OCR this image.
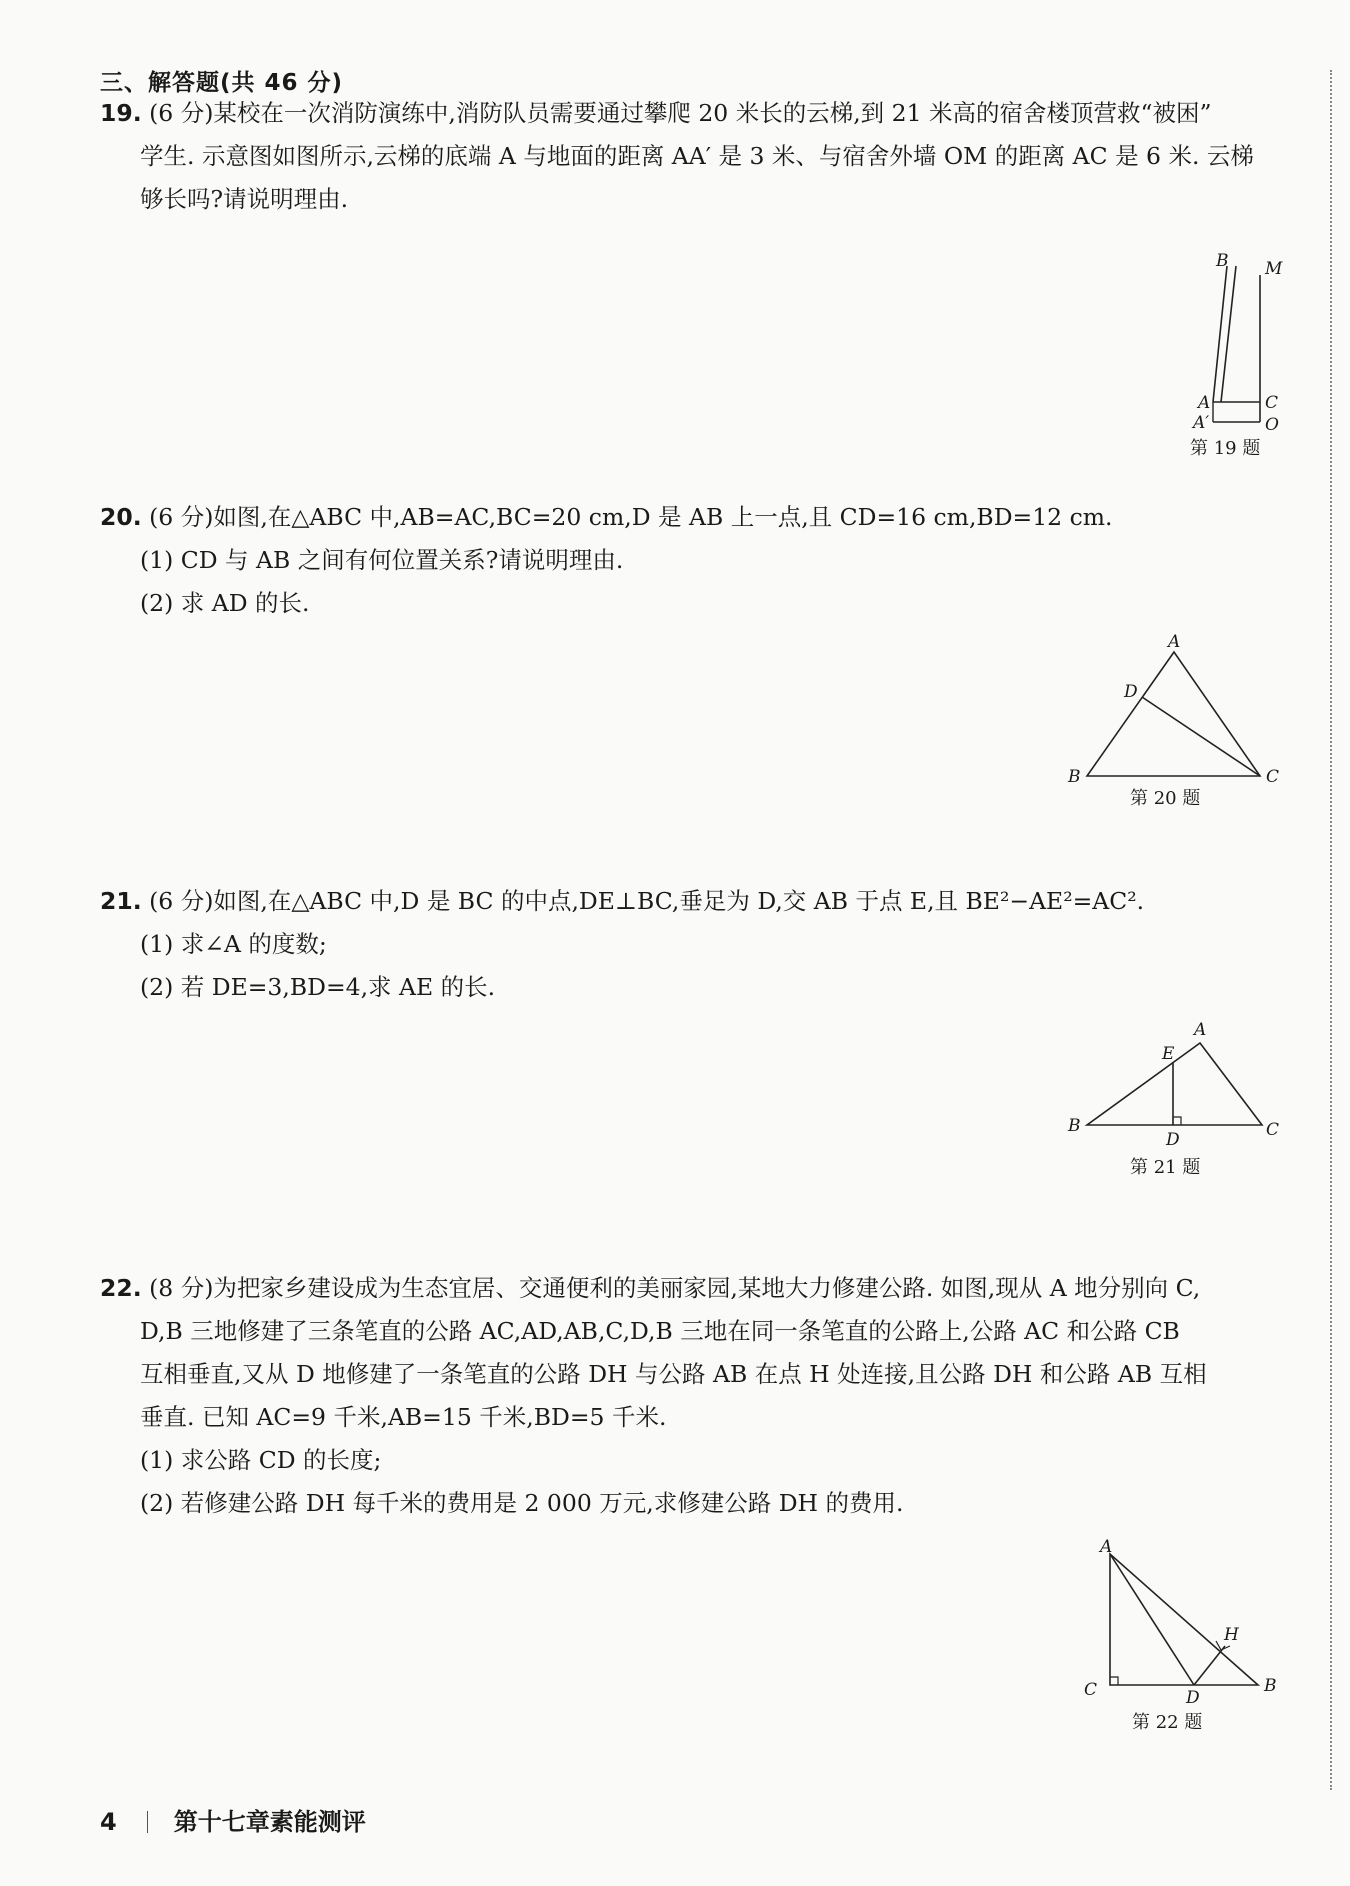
三、解答题(共 46 分)

19. (6 分)某校在一次消防演练中,消防队员需要通过攀爬 20 米长的云梯,到 21 米高的宿舍楼顶营救“被困”

学生. 示意图如图所示,云梯的底端 A 与地面的距离 AA′ 是 3 米、与宿舍外墙 OM 的距离 AC 是 6 米. 云梯

够长吗?请说明理由.

B M
A	C
A′	O
第 19 题

20. (6 分)如图,在△ABC 中,AB=AC,BC=20 cm,D 是 AB 上一点,且 CD=16 cm,BD=12 cm.

(1) CD 与 AB 之间有何位置关系?请说明理由.

(2) 求 AD 的长.

A
D
B	C
第 20 题

21. (6 分)如图,在△ABC 中,D 是 BC 的中点,DE⊥BC,垂足为 D,交 AB 于点 E,且 BE²−AE²=AC².

(1) 求∠A 的度数;

(2) 若 DE=3,BD=4,求 AE 的长.

A
E
B
D	C
第 21 题

22. (8 分)为把家乡建设成为生态宜居、交通便利的美丽家园,某地大力修建公路. 如图,现从 A 地分别向 C,

D,B 三地修建了三条笔直的公路 AC,AD,AB,C,D,B 三地在同一条笔直的公路上,公路 AC 和公路 CB

互相垂直,又从 D 地修建了一条笔直的公路 DH 与公路 AB 在点 H 处连接,且公路 DH 和公路 AB 互相

垂直. 已知 AC=9 千米,AB=15 千米,BD=5 千米.

(1) 求公路 CD 的长度;

(2) 若修建公路 DH 每千米的费用是 2 000 万元,求修建公路 DH 的费用.

A
H
C	D
B
第 22 题
4 第十七章素能测评
